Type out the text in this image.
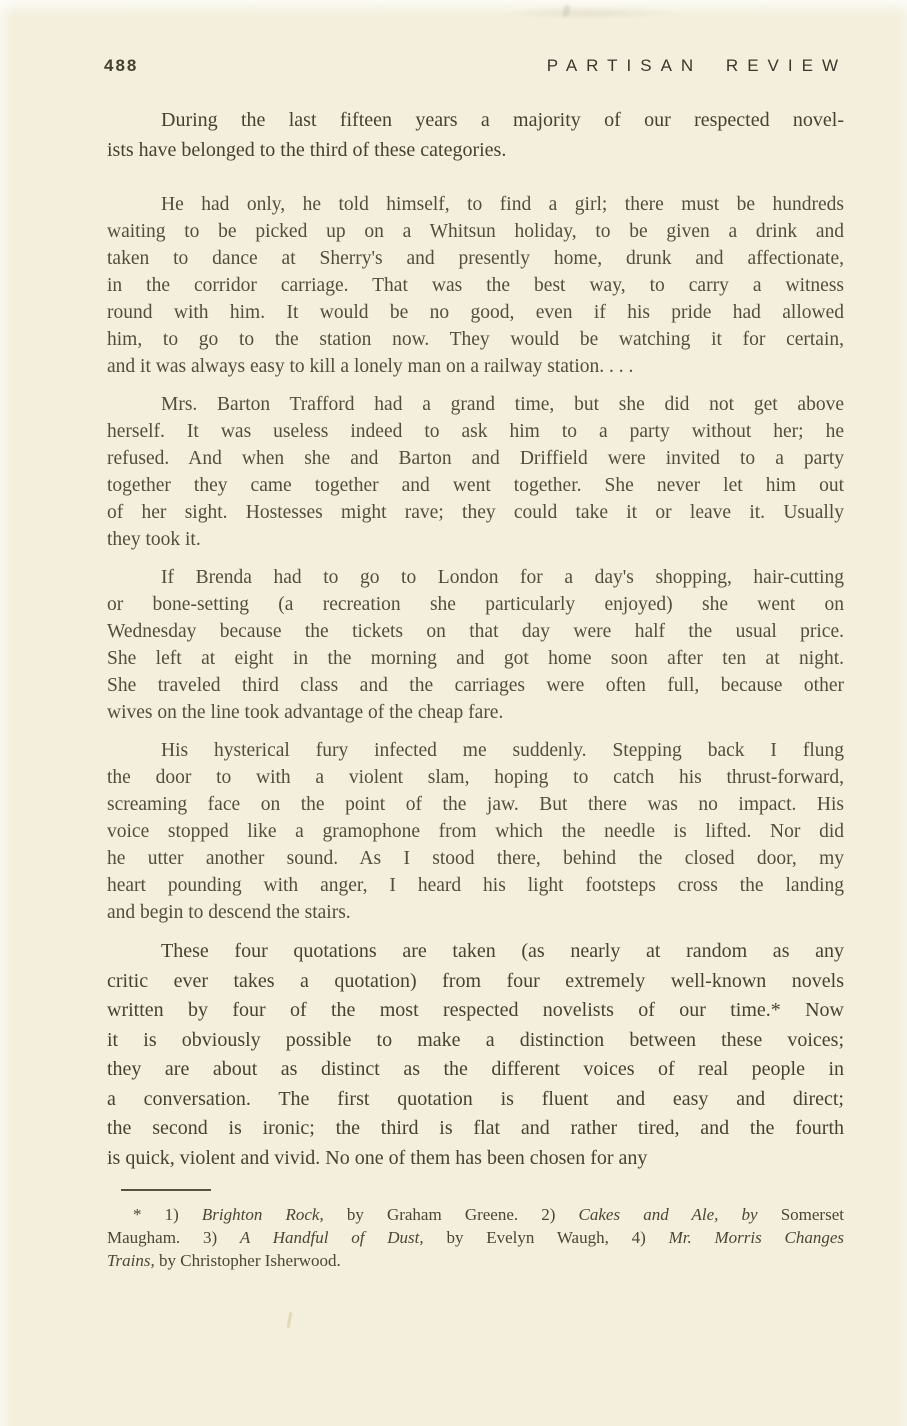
488	PARTISAN REVIEW
During the last fifteen years a majority of our respected novel-
ists have belonged to the third of these categories.
He had only, he told himself, to find a girl; there must be hundreds
waiting to be picked up on a Whitsun holiday, to be given a drink and
taken to dance at Sherry's and presently home, drunk and affectionate,
in the corridor carriage. That was the best way, to carry a witness
round with him. It would be no good, even if his pride had allowed
him, to go to the station now. They would be watching it for certain,
and it was always easy to kill a lonely man on a railway station. . . .
Mrs. Barton Trafford had a grand time, but she did not get above
herself. It was useless indeed to ask him to a party without her; he
refused. And when she and Barton and Driffield were invited to a party
together they came together and went together. She never let him out
of her sight. Hostesses might rave; they could take it or leave it. Usually
they took it.
If Brenda had to go to London for a day's shopping, hair-cutting
or bone-setting (a recreation she particularly enjoyed) she went on
Wednesday because the tickets on that day were half the usual price.
She left at eight in the morning and got home soon after ten at night.
She traveled third class and the carriages were often full, because other
wives on the line took advantage of the cheap fare.
His hysterical fury infected me suddenly. Stepping back I flung
the door to with a violent slam, hoping to catch his thrust-forward,
screaming face on the point of the jaw. But there was no impact. His
voice stopped like a gramophone from which the needle is lifted. Nor did
he utter another sound. As I stood there, behind the closed door, my
heart pounding with anger, I heard his light footsteps cross the landing
and begin to descend the stairs.
These four quotations are taken (as nearly at random as any
critic ever takes a quotation) from four extremely well-known novels
written by four of the most respected novelists of our time.* Now
it is obviously possible to make a distinction between these voices;
they are about as distinct as the different voices of real people in
a conversation. The first quotation is fluent and easy and direct;
the second is ironic; the third is flat and rather tired, and the fourth
is quick, violent and vivid. No one of them has been chosen for any
* 1) Brighton Rock, by Graham Greene. 2) Cakes and Ale, by Somerset
Maugham. 3) A Handful of Dust, by Evelyn Waugh, 4) Mr. Morris Changes
Trains, by Christopher Isherwood.
